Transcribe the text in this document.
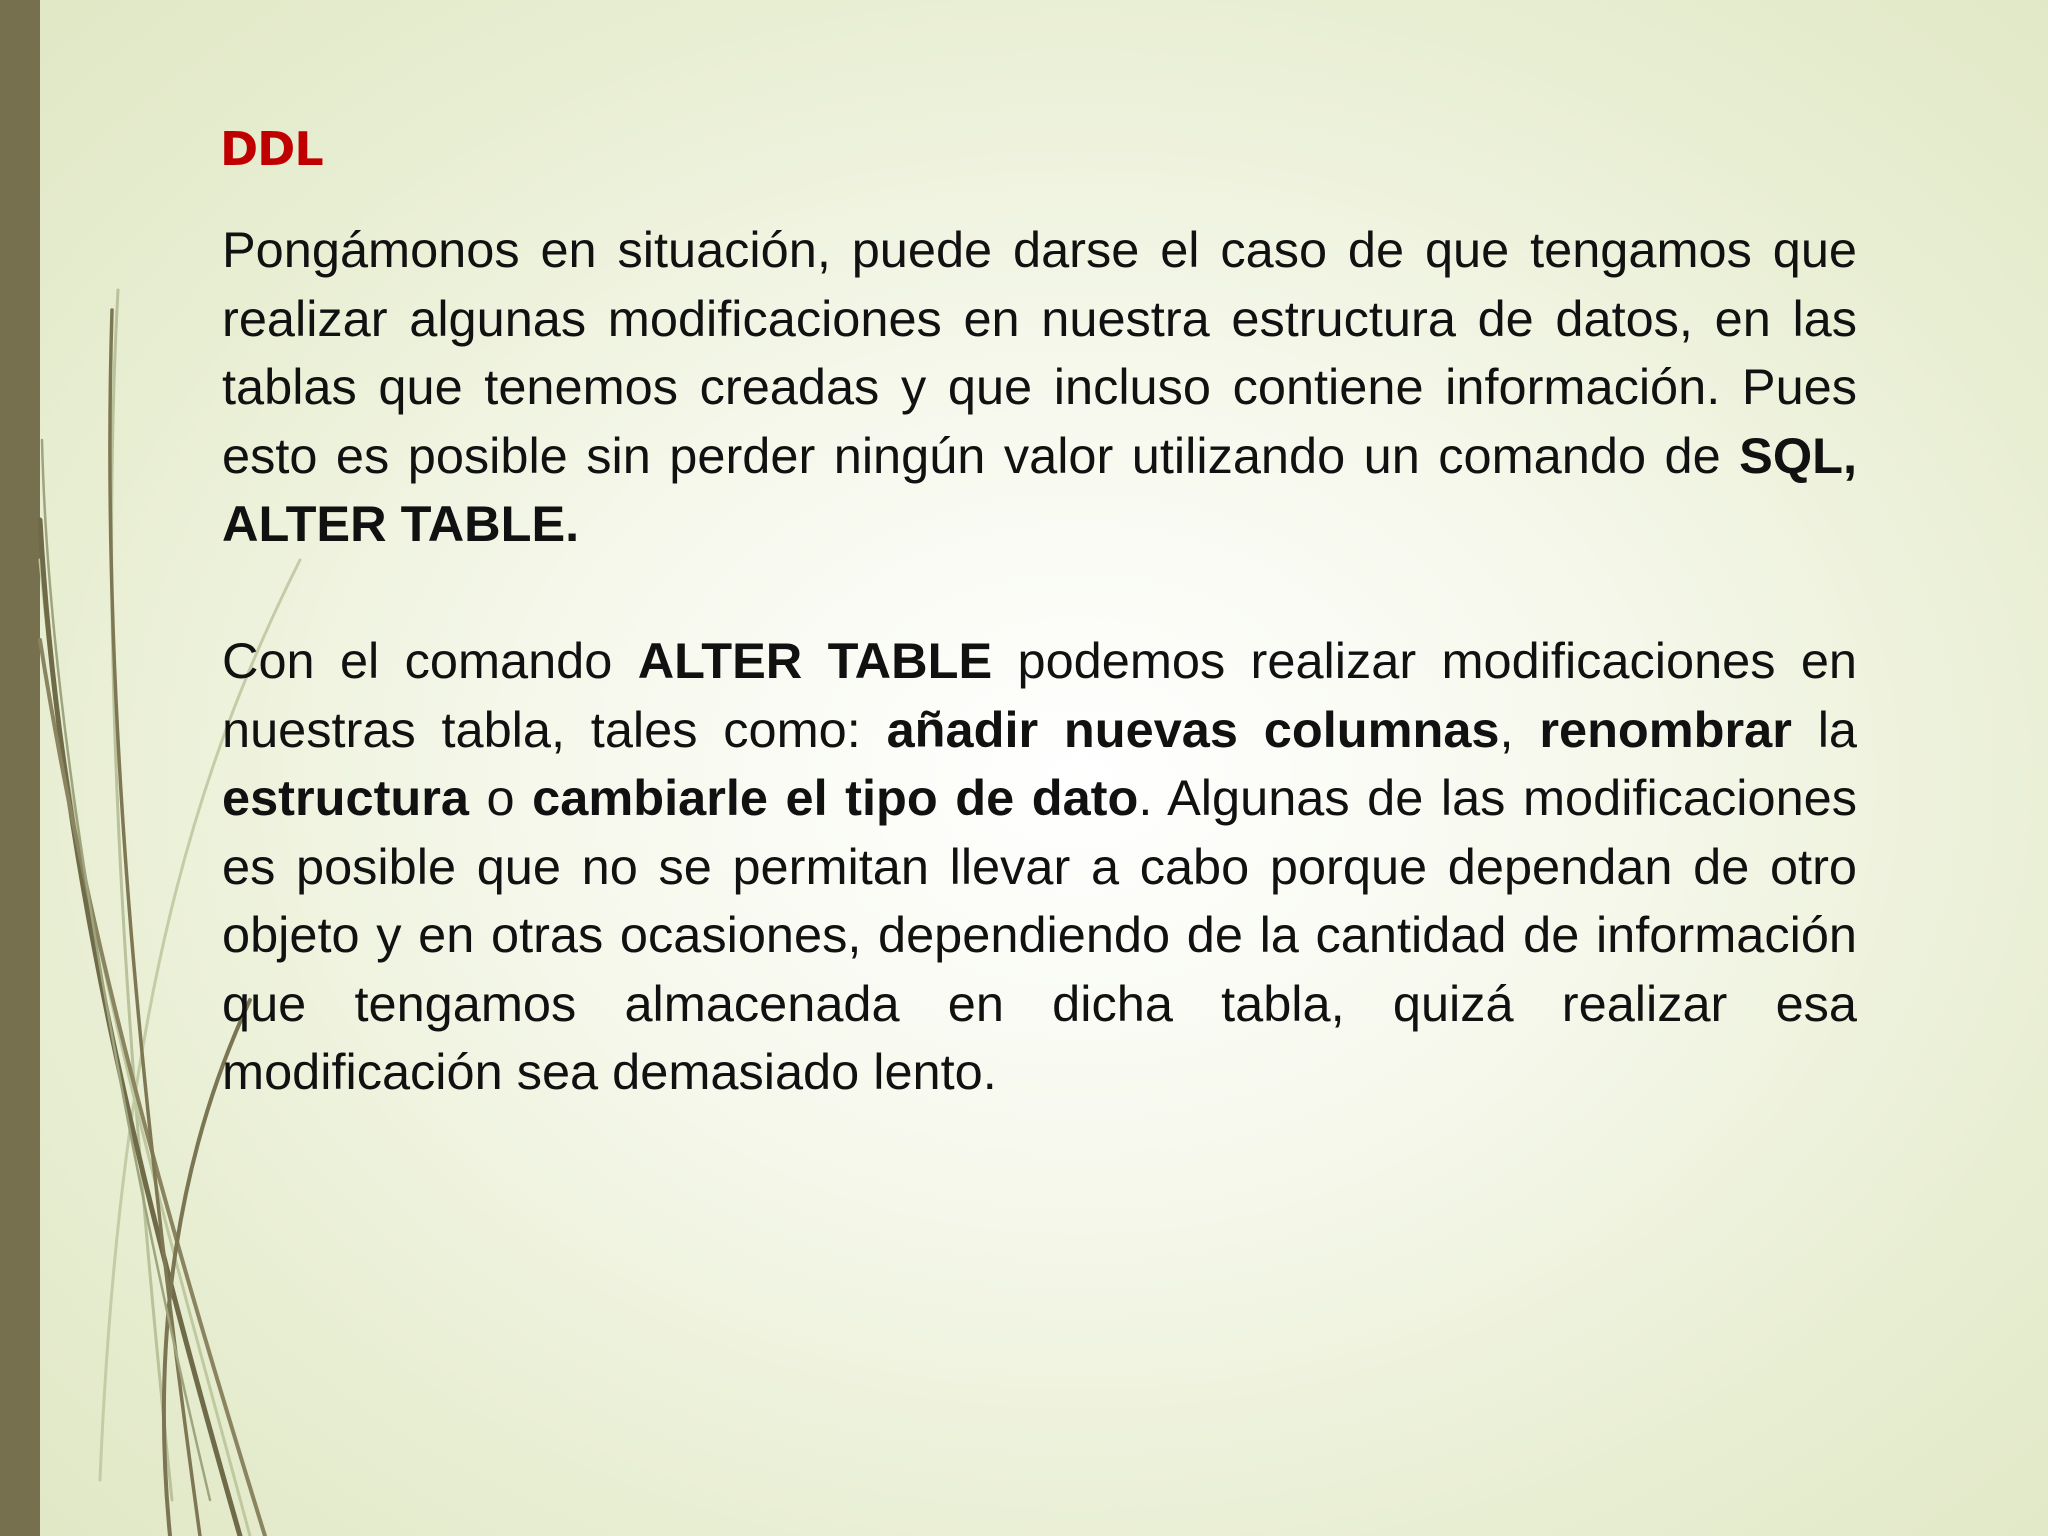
DDL

Pongámonos en situación, puede darse el caso de que tengamos que realizar algunas modificaciones en nuestra estructura de datos, en las tablas que tenemos creadas y que incluso contiene información. Pues esto es posible sin perder ningún valor utilizando un comando de SQL, ALTER TABLE.

Con el comando ALTER TABLE podemos realizar modificaciones en nuestras tabla, tales como: añadir nuevas columnas, renombrar la estructura o cambiarle el tipo de dato. Algunas de las modificaciones es posible que no se permitan llevar a cabo porque dependan de otro objeto y en otras ocasiones, dependiendo de la cantidad de información que tengamos almacenada en dicha tabla, quizá realizar esa modificación sea demasiado lento.
